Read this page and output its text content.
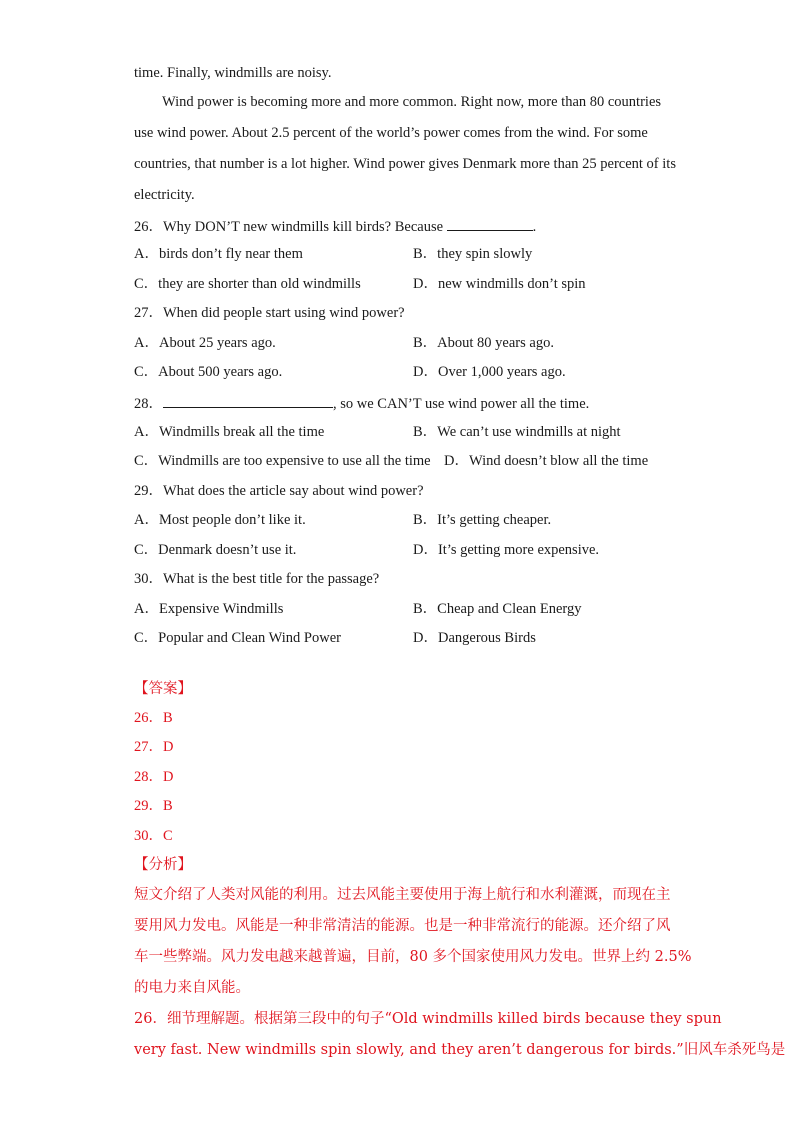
time. Finally, windmills are noisy.
Wind power is becoming more and more common. Right now, more than 80 countries
use wind power. About 2.5 percent of the world’s power comes from the wind. For some
countries, that number is a lot higher. Wind power gives Denmark more than 25 percent of its
electricity.
26．Why DON’T new windmills kill birds? Because	.
A．birds don’t fly near them	B．they spin slowly
C．they are shorter than old windmills	D．new windmills don’t spin
27．When did people start using wind power?
A．About 25 years ago.	B．About 80 years ago.
C．About 500 years ago.	D．Over 1,000 years ago.
28．	, so we CAN’T use wind power all the time.
A．Windmills break all the time	B．We can’t use windmills at night
C．Windmills are too expensive to use all the time D．Wind doesn’t blow all the time
29．What does the article say about wind power?
A．Most people don’t like it.	B．It’s getting cheaper.
C．Denmark doesn’t use it.	D．It’s getting more expensive.
30．What is the best title for the passage?
A．Expensive Windmills	B．Cheap and Clean Energy
C．Popular and Clean Wind Power	D．Dangerous Birds
【答案】
26．B
27．D
28．D
29．B
30．C
【分析】
短文介绍了人类对风能的利用。过去风能主要使用于海上航行和水利灌溉，而现在主
要用风力发电。风能是一种非常清洁的能源。也是一种非常流行的能源。还介绍了风
车一些弊端。风力发电越来越普遍，目前，80 多个国家使用风力发电。世界上约 2.5%
的电力来自风能。
26．细节理解题。根据第三段中的句子“Old windmills killed birds because they spun
very fast. New windmills spin slowly, and they aren’t dangerous for birds.”旧风车杀死鸟是
